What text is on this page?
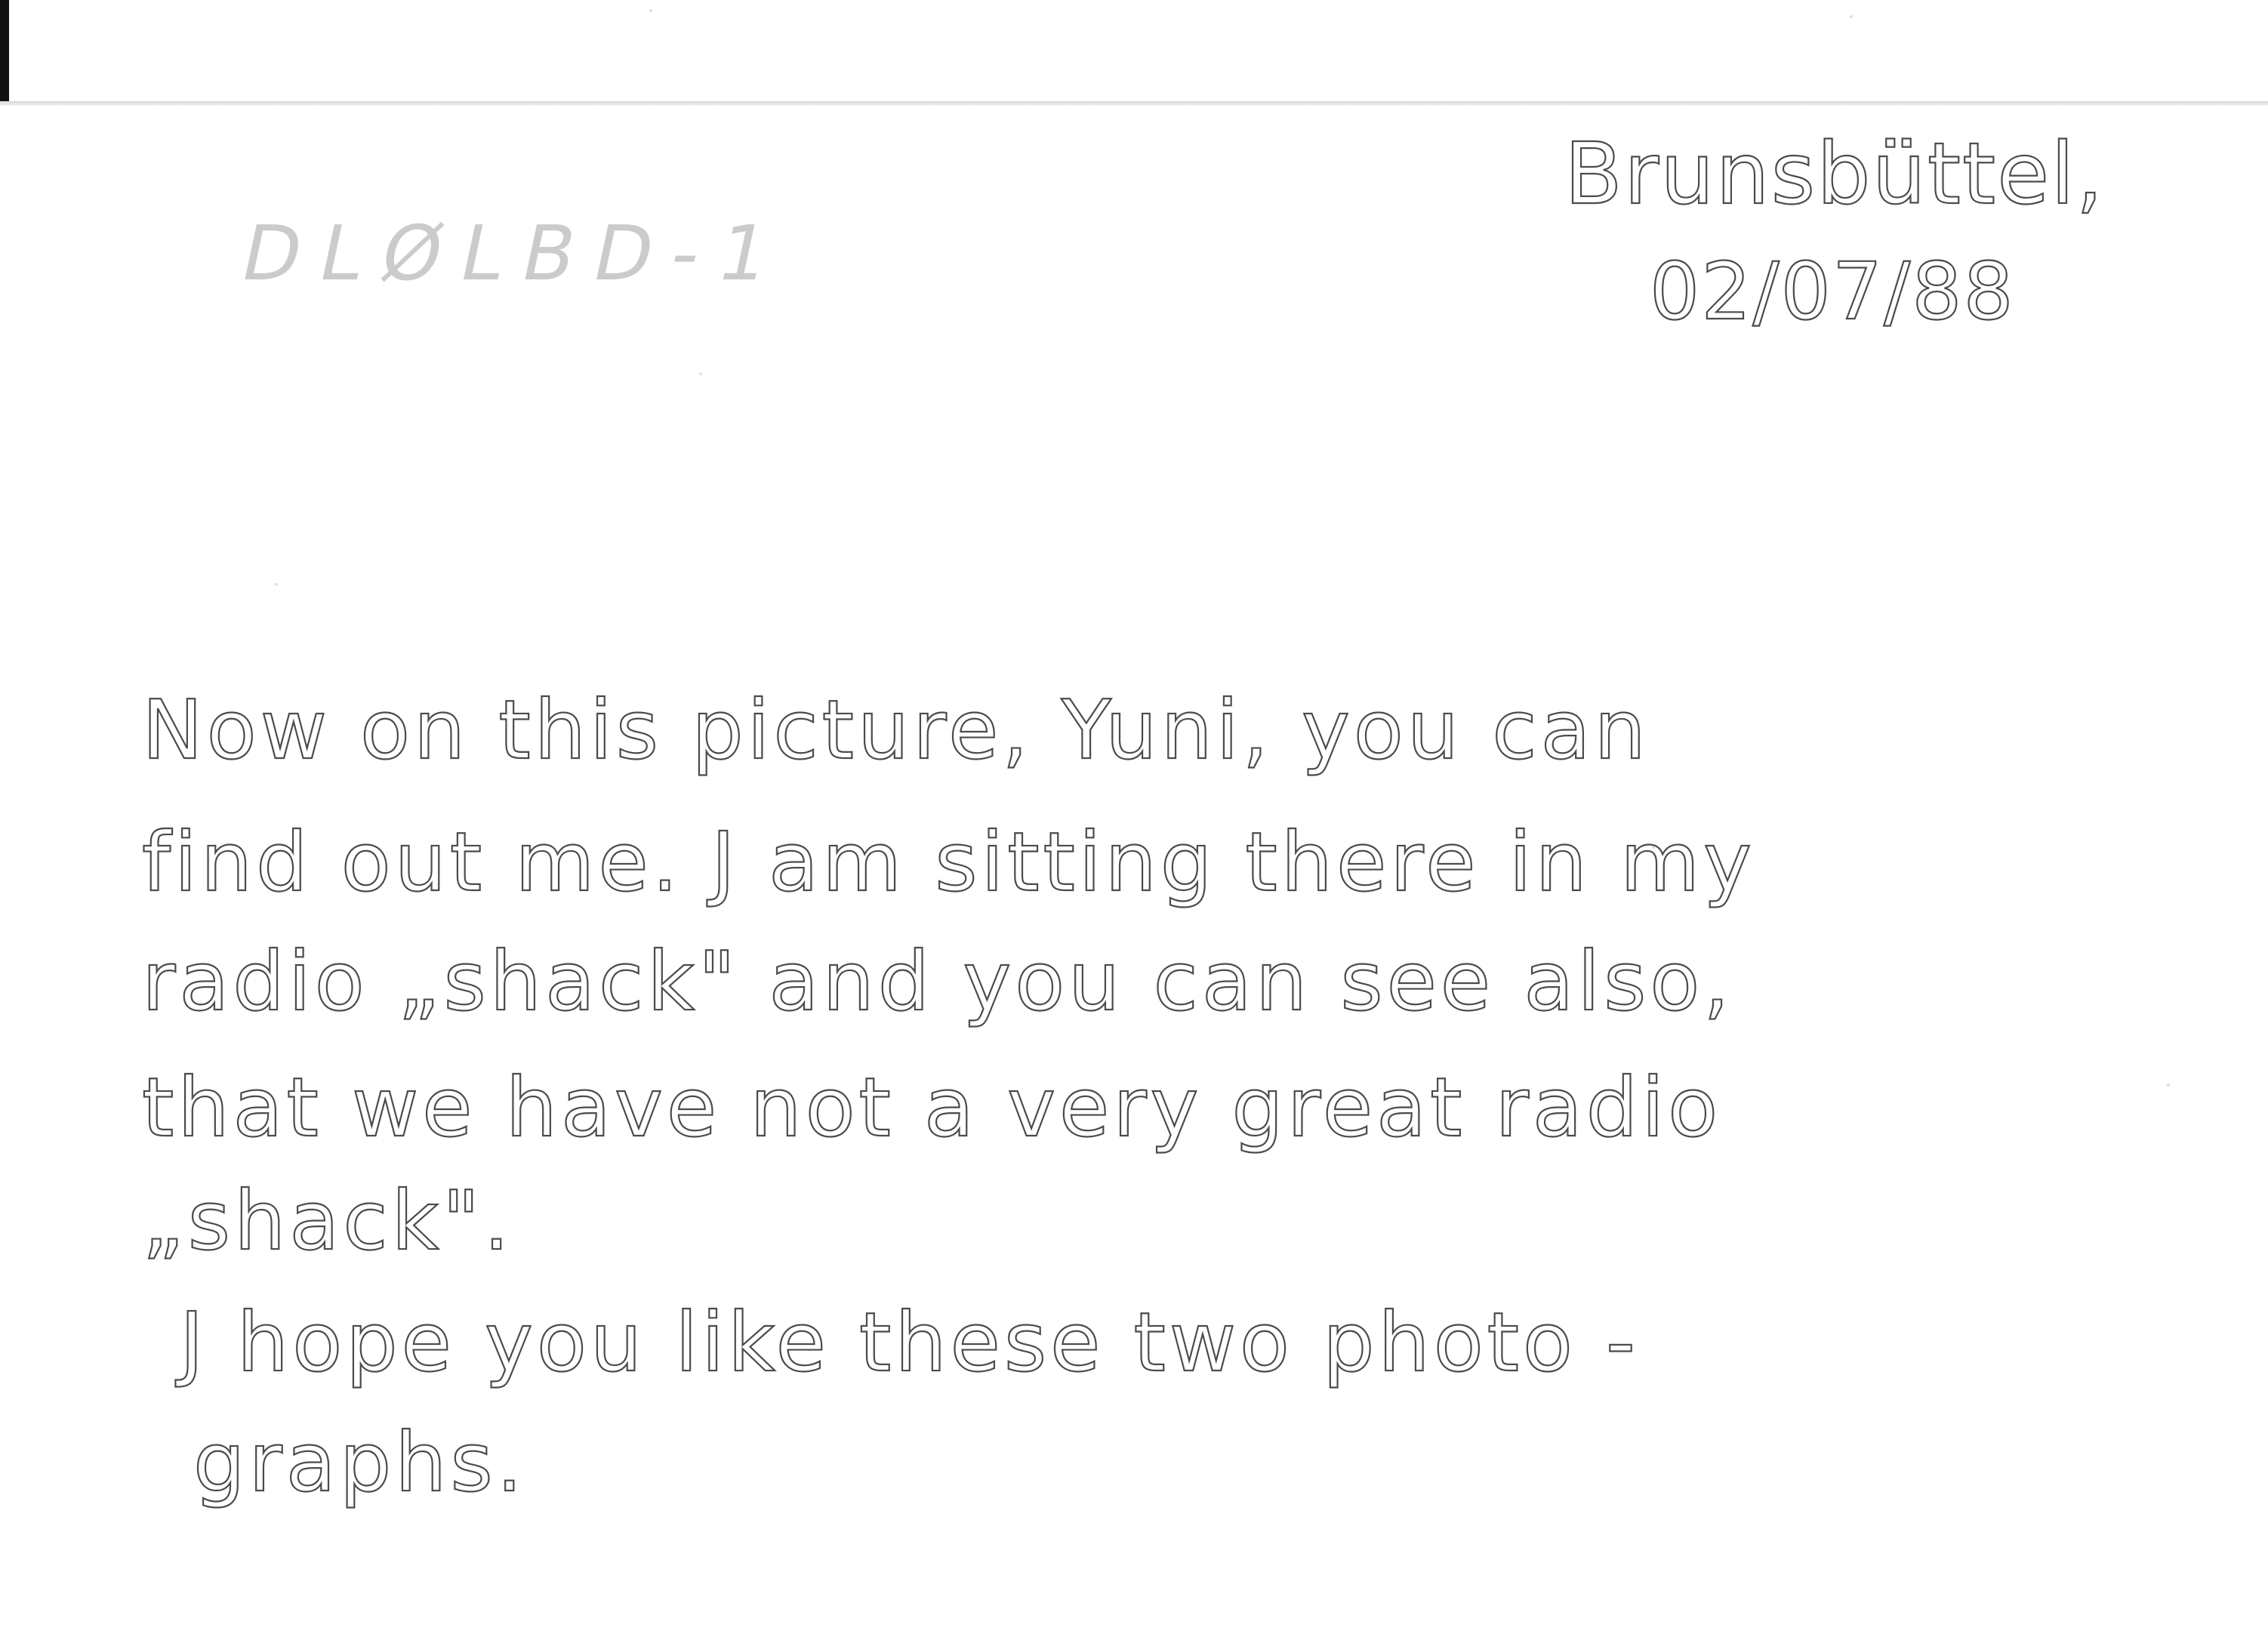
DLØLBD-1
Brunsbüttel,
02/07/88
Now on this picture, Yuni, you can
find out me. J am sitting there in my
radio „shack" and you can see also,
that we have not a very great radio
„shack".
J hope you like these two photo -
graphs.
